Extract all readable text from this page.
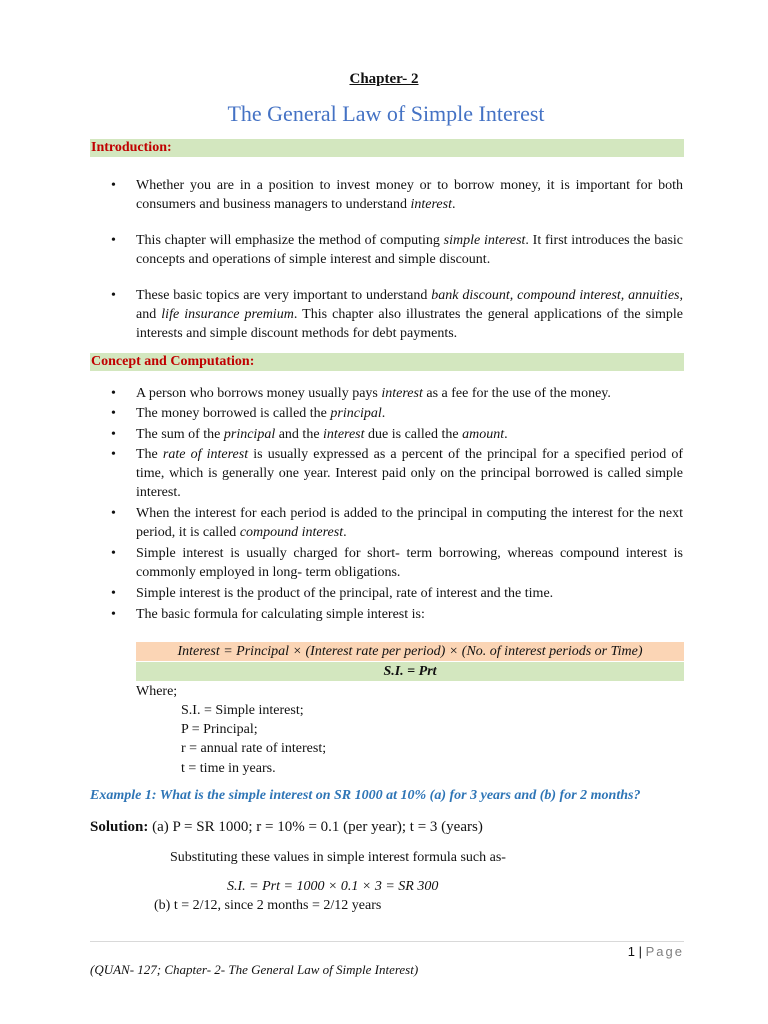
Chapter- 2
The General Law of Simple Interest
Introduction:
• Whether you are in a position to invest money or to borrow money, it is important for both consumers and business managers to understand interest.
• This chapter will emphasize the method of computing simple interest. It first introduces the basic concepts and operations of simple interest and simple discount.
• These basic topics are very important to understand bank discount, compound interest, annuities, and life insurance premium. This chapter also illustrates the general applications of the simple interests and simple discount methods for debt payments.
Concept and Computation:
• A person who borrows money usually pays interest as a fee for the use of the money.
• The money borrowed is called the principal.
• The sum of the principal and the interest due is called the amount.
• The rate of interest is usually expressed as a percent of the principal for a specified period of time, which is generally one year. Interest paid only on the principal borrowed is called simple interest.
• When the interest for each period is added to the principal in computing the interest for the next period, it is called compound interest.
• Simple interest is usually charged for short- term borrowing, whereas compound interest is commonly employed in long- term obligations.
• Simple interest is the product of the principal, rate of interest and the time.
• The basic formula for calculating simple interest is:
Interest = Principal × (Interest rate per period) × (No. of interest periods or Time)
S.I. = Prt
Where;
S.I. = Simple interest;
P = Principal;
r = annual rate of interest;
t = time in years.
Example 1: What is the simple interest on SR 1000 at 10% (a) for 3 years and (b) for 2 months?
Solution: (a) P = SR 1000; r = 10% = 0.1 (per year); t = 3 (years)
Substituting these values in simple interest formula such as-
S.I. = Prt = 1000 × 0.1 × 3 = SR 300
(b) t = 2/12, since 2 months = 2/12 years
1 | Page
(QUAN- 127; Chapter- 2- The General Law of Simple Interest)
